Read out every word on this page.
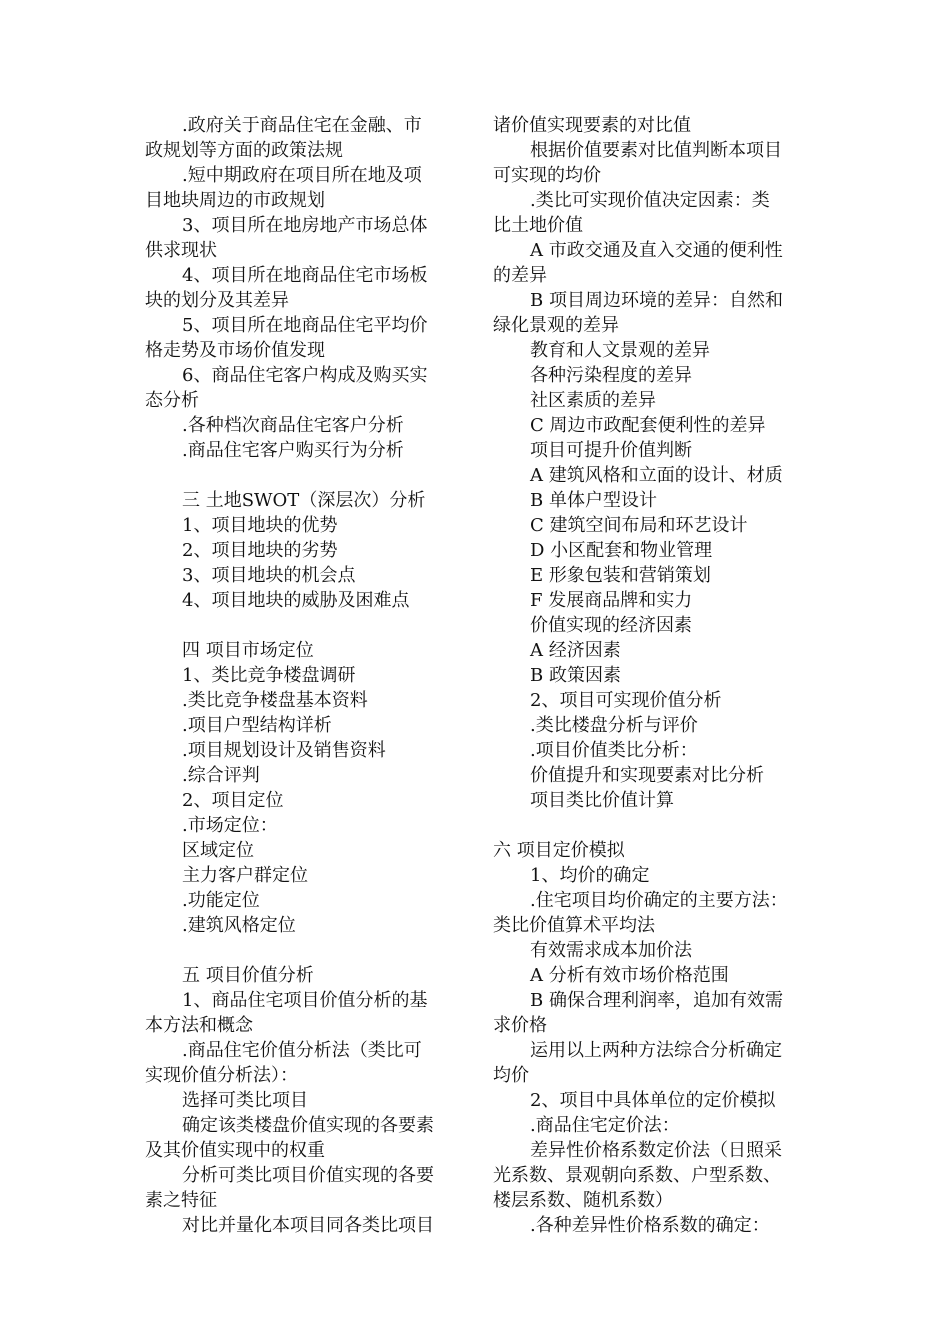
.政府关于商品住宅在金融、市
政规划等方面的政策法规
.短中期政府在项目所在地及项
目地块周边的市政规划
3、项目所在地房地产市场总体
供求现状
4、项目所在地商品住宅市场板
块的划分及其差异
5、项目所在地商品住宅平均价
格走势及市场价值发现
6、商品住宅客户构成及购买实
态分析
.各种档次商品住宅客户分析
.商品住宅客户购买行为分析
三 土地SWOT（深层次）分析
1、项目地块的优势
2、项目地块的劣势
3、项目地块的机会点
4、项目地块的威胁及困难点
四 项目市场定位
1、类比竞争楼盘调研
.类比竞争楼盘基本资料
.项目户型结构详析
.项目规划设计及销售资料
.综合评判
2、项目定位
.市场定位：
区域定位
主力客户群定位
.功能定位
.建筑风格定位
五 项目价值分析
1、商品住宅项目价值分析的基
本方法和概念
.商品住宅价值分析法（类比可
实现价值分析法）：
选择可类比项目
确定该类楼盘价值实现的各要素
及其价值实现中的权重
分析可类比项目价值实现的各要
素之特征
对比并量化本项目同各类比项目
诸价值实现要素的对比值
根据价值要素对比值判断本项目
可实现的均价
.类比可实现价值决定因素：类
比土地价值
A 市政交通及直入交通的便利性
的差异
B 项目周边环境的差异：自然和
绿化景观的差异
教育和人文景观的差异
各种污染程度的差异
社区素质的差异
C 周边市政配套便利性的差异
项目可提升价值判断
A 建筑风格和立面的设计、材质
B 单体户型设计
C 建筑空间布局和环艺设计
D 小区配套和物业管理
E 形象包装和营销策划
F 发展商品牌和实力
价值实现的经济因素
A 经济因素
B 政策因素
2、项目可实现价值分析
.类比楼盘分析与评价
.项目价值类比分析：
价值提升和实现要素对比分析
项目类比价值计算
六 项目定价模拟
1、均价的确定
.住宅项目均价确定的主要方法：
类比价值算术平均法
有效需求成本加价法
A 分析有效市场价格范围
B 确保合理利润率，追加有效需
求价格
运用以上两种方法综合分析确定
均价
2、项目中具体单位的定价模拟
.商品住宅定价法：
差异性价格系数定价法（日照采
光系数、景观朝向系数、户型系数、
楼层系数、随机系数）
.各种差异性价格系数的确定：
